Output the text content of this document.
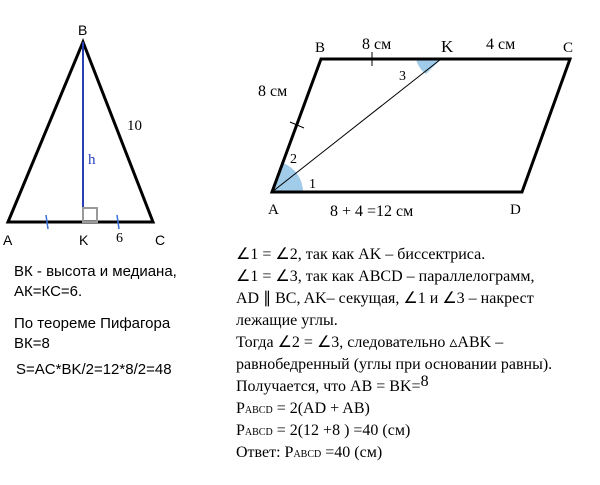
A
B
C
K
10
h
6
A
B	C
D
K
8 см
8 см	4 см
8 + 4 =12 см
1
2
3
ВК - высота и медиана,
АК=КС=6.
По теореме Пифагора
ВК=8
S=AC*BK/2=12*8/2=48
∠1 = ∠2, так как AK – биссектриса.
∠1 = ∠3, так как ABCD – параллелограмм,
AD ∥ BC, AK– секущая, ∠1 и ∠3 – накрест
лежащие углы.
Тогда ∠2 = ∠3, следовательно ▵ABK –
равнобедренный (углы при основании равны).
Получается, что AB = BK=8
PABCD = 2(AD + AB)
PABCD = 2(12 +8 ) =40 (см)
Ответ: PABCD =40 (см)
